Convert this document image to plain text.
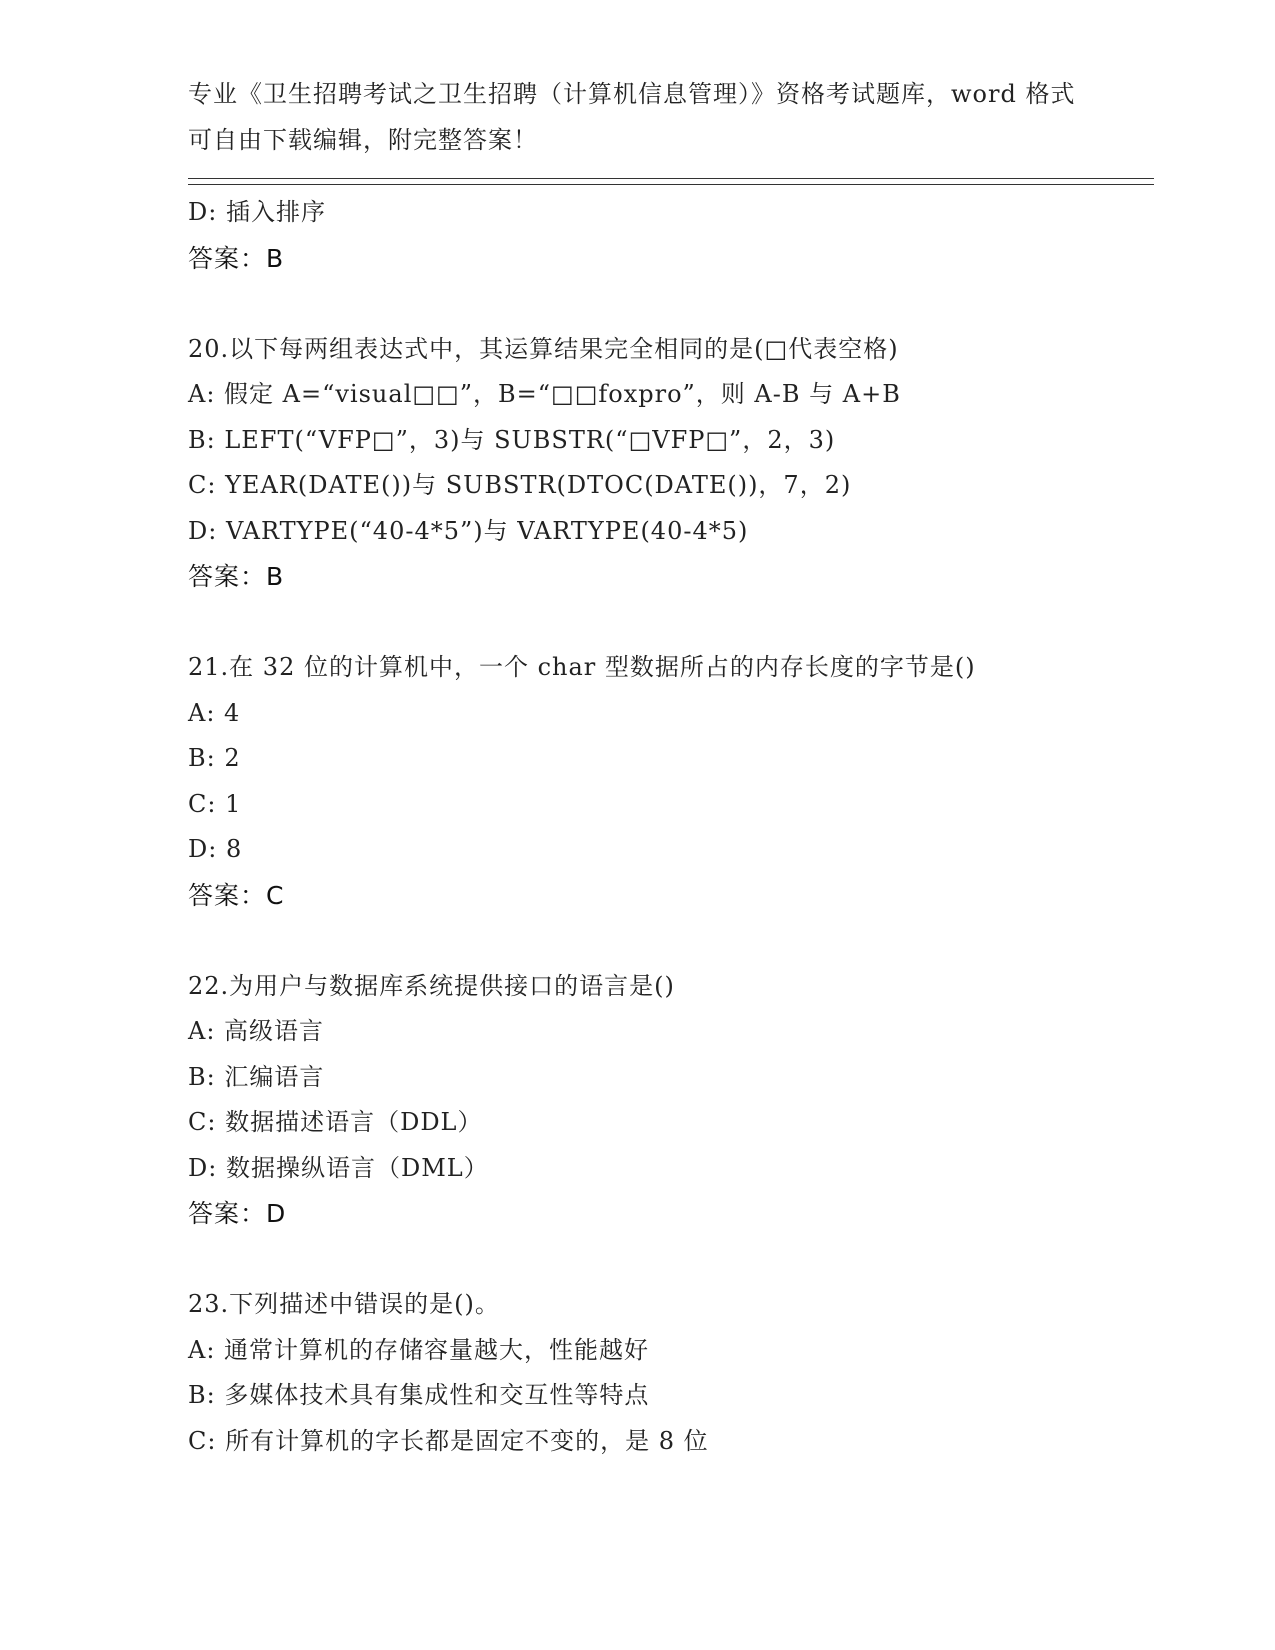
专业《卫生招聘考试之卫生招聘（计算机信息管理）》资格考试题库，word 格式
可自由下载编辑，附完整答案！
D: 插入排序
答案：B
20.以下每两组表达式中，其运算结果完全相同的是(□代表空格)
A: 假定 A=“visual□□”，B=“□□foxpro”，则 A-B 与 A+B
B: LEFT(“VFP□”，3)与 SUBSTR(“□VFP□”，2，3)
C: YEAR(DATE())与 SUBSTR(DTOC(DATE())，7，2)
D: VARTYPE(“40-4*5”)与 VARTYPE(40-4*5)
答案：B
21.在 32 位的计算机中，一个 char 型数据所占的内存长度的字节是()
A: 4
B: 2
C: 1
D: 8
答案：C
22.为用户与数据库系统提供接口的语言是()
A: 高级语言
B: 汇编语言
C: 数据描述语言（DDL）
D: 数据操纵语言（DML）
答案：D
23.下列描述中错误的是()。
A: 通常计算机的存储容量越大，性能越好
B: 多媒体技术具有集成性和交互性等特点
C: 所有计算机的字长都是固定不变的，是 8 位
